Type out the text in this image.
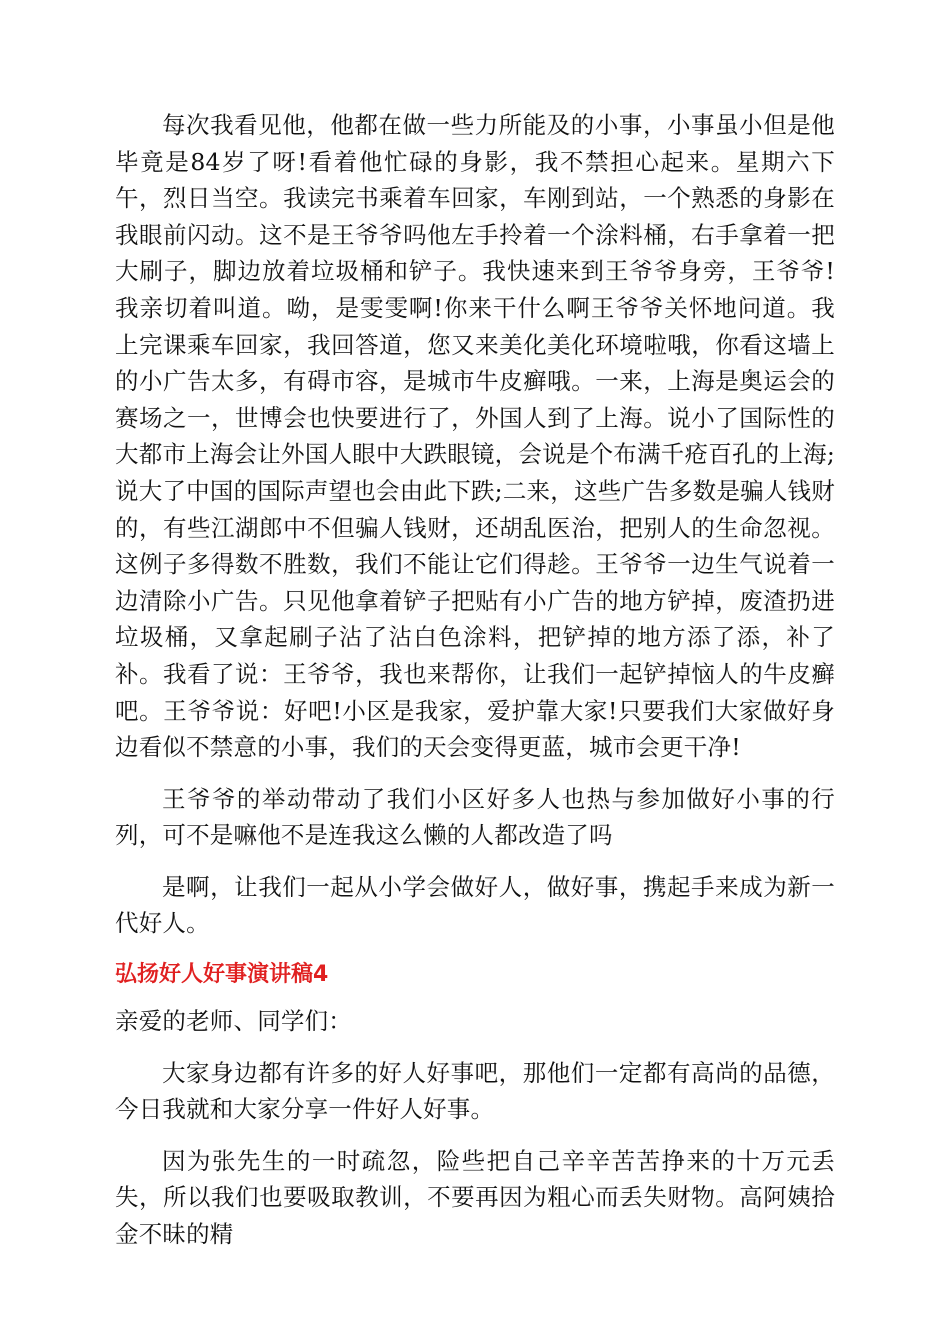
每次我看见他，他都在做一些力所能及的小事，小事虽小但是他毕竟是84岁了呀!看着他忙碌的身影，我不禁担心起来。星期六下午，烈日当空。我读完书乘着车回家，车刚到站，一个熟悉的身影在我眼前闪动。这不是王爷爷吗他左手拎着一个涂料桶，右手拿着一把大刷子，脚边放着垃圾桶和铲子。我快速来到王爷爷身旁，王爷爷!我亲切着叫道。呦，是雯雯啊!你来干什么啊王爷爷关怀地问道。我上完课乘车回家，我回答道，您又来美化美化环境啦哦，你看这墙上的小广告太多，有碍市容，是城市牛皮癣哦。一来，上海是奥运会的赛场之一，世博会也快要进行了，外国人到了上海。说小了国际性的大都市上海会让外国人眼中大跌眼镜，会说是个布满千疮百孔的上海;说大了中国的国际声望也会由此下跌;二来，这些广告多数是骗人钱财的，有些江湖郎中不但骗人钱财，还胡乱医治，把别人的生命忽视。这例子多得数不胜数，我们不能让它们得趁。王爷爷一边生气说着一边清除小广告。只见他拿着铲子把贴有小广告的地方铲掉，废渣扔进垃圾桶，又拿起刷子沾了沾白色涂料，把铲掉的地方添了添，补了补。我看了说：王爷爷，我也来帮你，让我们一起铲掉恼人的牛皮癣吧。王爷爷说：好吧!小区是我家，爱护靠大家!只要我们大家做好身边看似不禁意的小事，我们的天会变得更蓝，城市会更干净!

王爷爷的举动带动了我们小区好多人也热与参加做好小事的行列，可不是嘛他不是连我这么懒的人都改造了吗

是啊，让我们一起从小学会做好人，做好事，携起手来成为新一代好人。

弘扬好人好事演讲稿4

亲爱的老师、同学们：

大家身边都有许多的好人好事吧，那他们一定都有高尚的品德，今日我就和大家分享一件好人好事。

因为张先生的一时疏忽，险些把自己辛辛苦苦挣来的十万元丢失，所以我们也要吸取教训，不要再因为粗心而丢失财物。高阿姨拾金不昧的精
